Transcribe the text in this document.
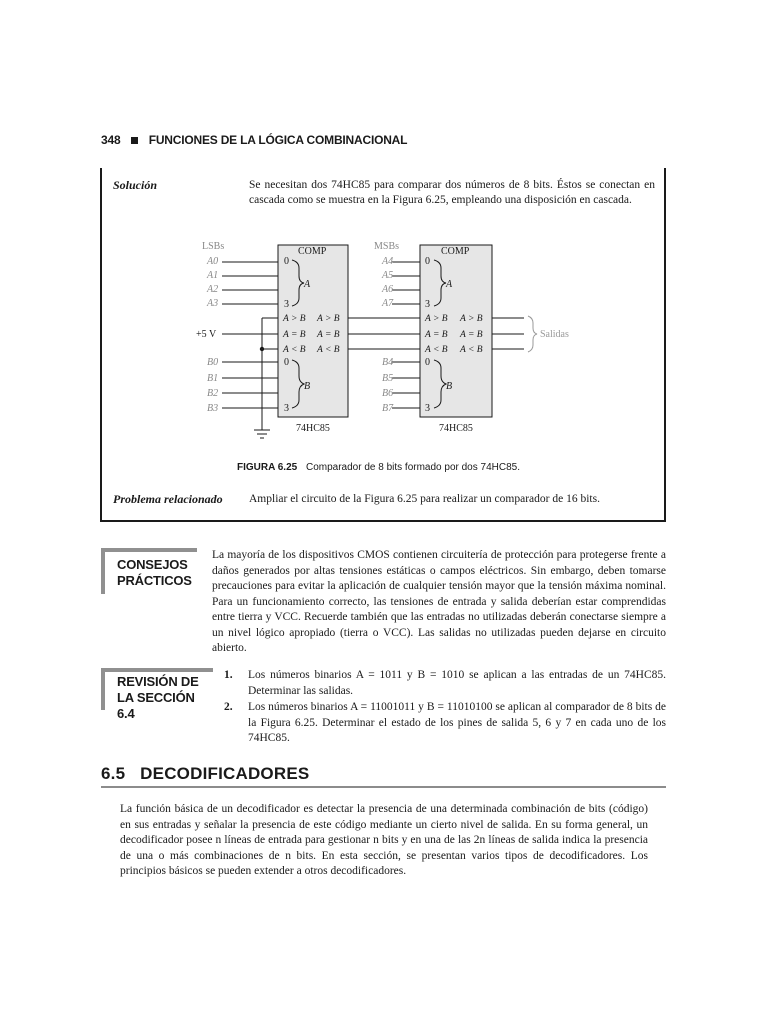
348 FUNCIONES DE LA LÓGICA COMBINACIONAL
Solución	Se necesitan dos 74HC85 para comparar dos números de 8 bits. Éstos se conectan en cascada como se muestra en la Figura 6.25, empleando una disposición en cascada.
LSBs	COMP
0
3
A
0
3
B
A > B
A = B
A < B
A > B
A = B
A < B
74HC85
+5 V
A0
A1
A2
A3
B0
B1
B2
B3
MSBs	COMP
0
3
A
0
3
B
A > B
A = B
A < B
A > B
A = B
A < B
74HC85
Salidas
A4
A5
A6
A7
B4
B5
B6
B7
FIGURA 6.25 Comparador de 8 bits formado por dos 74HC85.
Problema relacionado Ampliar el circuito de la Figura 6.25 para realizar un comparador de 16 bits.
CONSEJOS
PRÁCTICOS
La mayoría de los dispositivos CMOS contienen circuitería de protección para protegerse frente a daños generados por altas tensiones estáticas o campos eléctricos. Sin embargo, deben tomarse precauciones para evitar la aplicación de cualquier tensión mayor que la tensión máxima nominal. Para un funcionamiento correcto, las tensiones de entrada y salida deberían estar comprendidas entre tierra y VCC. Recuerde también que las entradas no utilizadas deberán conectarse siempre a un nivel lógico apropiado (tierra o VCC). Las salidas no utilizadas pueden dejarse en circuito abierto.
REVISIÓN DE
LA SECCIÓN 6.4
1. Los números binarios A = 1011 y B = 1010 se aplican a las entradas de un 74HC85. Determinar las salidas.
2. Los números binarios A = 11001011 y B = 11010100 se aplican al comparador de 8 bits de la Figura 6.25. Determinar el estado de los pines de salida 5, 6 y 7 en cada uno de los 74HC85.
6.5 DECODIFICADORES
La función básica de un decodificador es detectar la presencia de una determinada combinación de bits (código) en sus entradas y señalar la presencia de este código mediante un cierto nivel de salida. En su forma general, un decodificador posee n líneas de entrada para gestionar n bits y en una de las 2n líneas de salida indica la presencia de una o más combinaciones de n bits. En esta sección, se presentan varios tipos de decodificadores. Los principios básicos se pueden extender a otros decodificadores.
